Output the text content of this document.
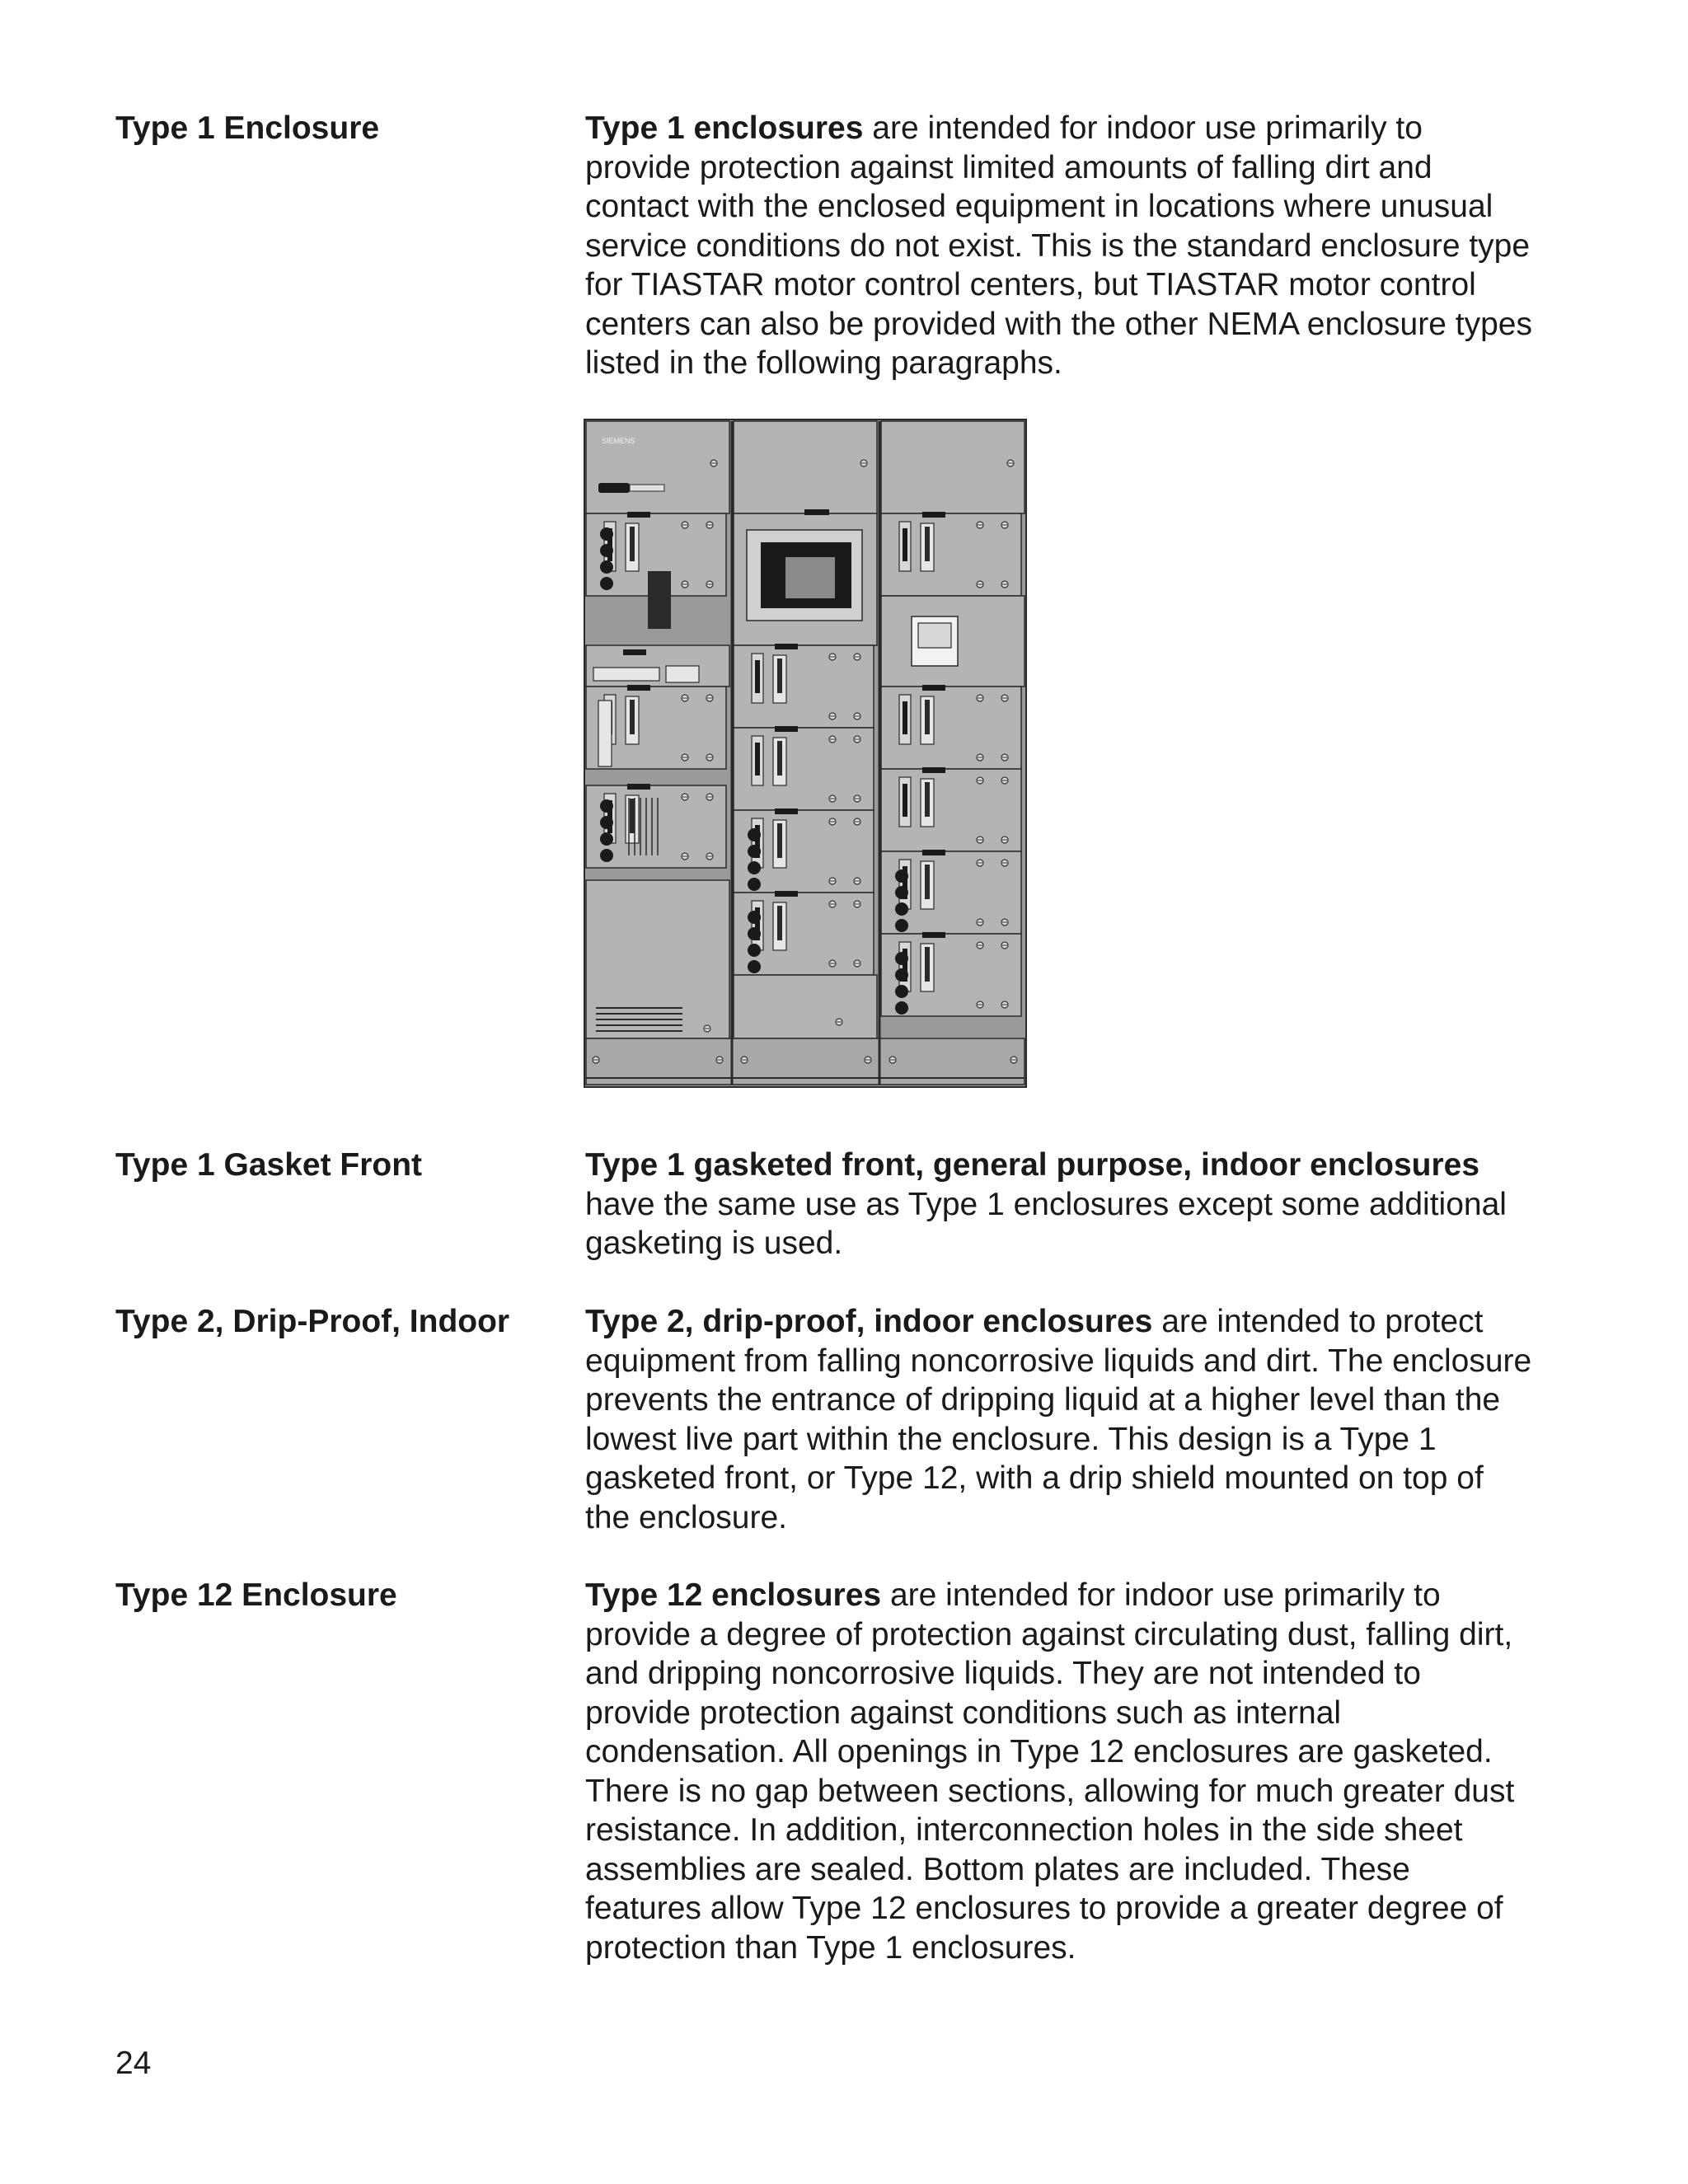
Type 1 Enclosure	Type 1 enclosures are intended for indoor use primarily to provide protection against limited amounts of falling dirt and contact with the enclosed equipment in locations where unusual service conditions do not exist. This is the standard enclosure type for TIASTAR motor control centers, but TIASTAR motor control centers can also be provided with the other NEMA enclosure types listed in the following paragraphs.
SIEMENS
Type 1 Gasket Front	Type 1 gasketed front, general purpose, indoor enclosures have the same use as Type 1 enclosures except some additional gasketing is used.
Type 2, Drip-Proof, Indoor	Type 2, drip-proof, indoor enclosures are intended to protect equipment from falling noncorrosive liquids and dirt. The enclosure prevents the entrance of dripping liquid at a higher level than the lowest live part within the enclosure. This design is a Type 1 gasketed front, or Type 12, with a drip shield mounted on top of the enclosure.
Type 12 Enclosure	Type 12 enclosures are intended for indoor use primarily to provide a degree of protection against circulating dust, falling dirt, and dripping noncorrosive liquids. They are not intended to provide protection against conditions such as internal condensation. All openings in Type 12 enclosures are gasketed. There is no gap between sections, allowing for much greater dust resistance. In addition, interconnection holes in the side sheet assemblies are sealed. Bottom plates are included. These features allow Type 12 enclosures to provide a greater degree of protection than Type 1 enclosures.
24
